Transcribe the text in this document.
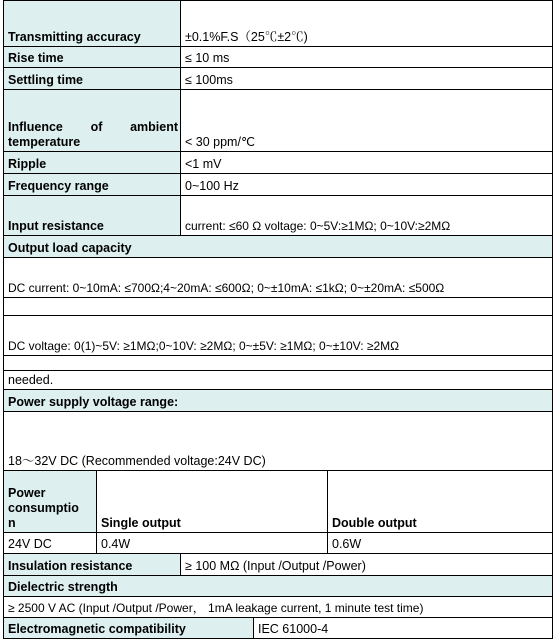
Transmitting accuracy	±0.1%F.S（25℃±2℃)
Rise time	≤ 10 ms
Settling time	≤ 100ms
Influence of ambient
temperature	< 30 ppm/℃
Ripple	<1 mV
Frequency range	0~100 Hz
Input resistance	current: ≤60 Ω voltage: 0~5V:≥1MΩ; 0~10V:≥2MΩ
Output load capacity
DC current: 0~10mA: ≤700Ω;4~20mA: ≤600Ω; 0~±10mA: ≤1kΩ; 0~±20mA: ≤500Ω
DC voltage: 0(1)~5V: ≥1MΩ;0~10V: ≥2MΩ; 0~±5V: ≥1MΩ; 0~±10V: ≥2MΩ
needed.
Power supply voltage range:
18～32V DC (Recommended voltage:24V DC)
Power
consumptio
n	Single output	Double output
24V DC	0.4W	0.6W
Insulation resistance	≥ 100 MΩ (Input /Output /Power)
Dielectric strength
≥ 2500 V AC (Input /Output /Power， 1mA leakage current, 1 minute test time)
Electromagnetic compatibility	IEC 61000-4
